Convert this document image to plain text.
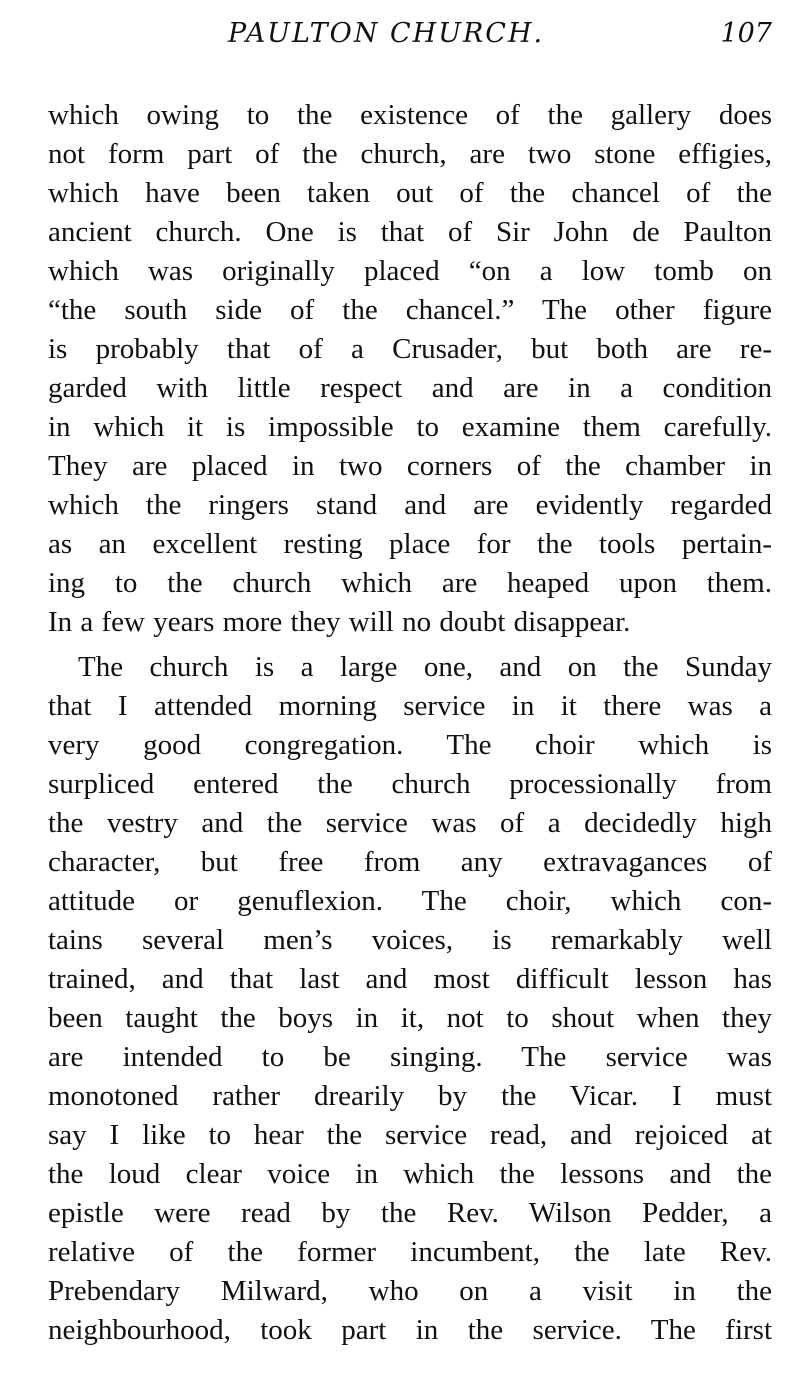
PAULTON CHURCH.	107
which owing to the existence of the gallery does
not form part of the church, are two stone effigies,
which have been taken out of the chancel of the
ancient church. One is that of Sir John de Paulton
which was originally placed “on a low tomb on
“the south side of the chancel.” The other figure
is probably that of a Crusader, but both are re-
garded with little respect and are in a condition
in which it is impossible to examine them carefully.
They are placed in two corners of the chamber in
which the ringers stand and are evidently regarded
as an excellent resting place for the tools pertain-
ing to the church which are heaped upon them.
In a few years more they will no doubt disappear.
The church is a large one, and on the Sunday
that I attended morning service in it there was a
very good congregation. The choir which is
surpliced entered the church processionally from
the vestry and the service was of a decidedly high
character, but free from any extravagances of
attitude or genuflexion. The choir, which con-
tains several men’s voices, is remarkably well
trained, and that last and most difficult lesson has
been taught the boys in it, not to shout when they
are intended to be singing. The service was
monotoned rather drearily by the Vicar. I must
say I like to hear the service read, and rejoiced at
the loud clear voice in which the lessons and the
epistle were read by the Rev. Wilson Pedder, a
relative of the former incumbent, the late Rev.
Prebendary Milward, who on a visit in the
neighbourhood, took part in the service. The first
